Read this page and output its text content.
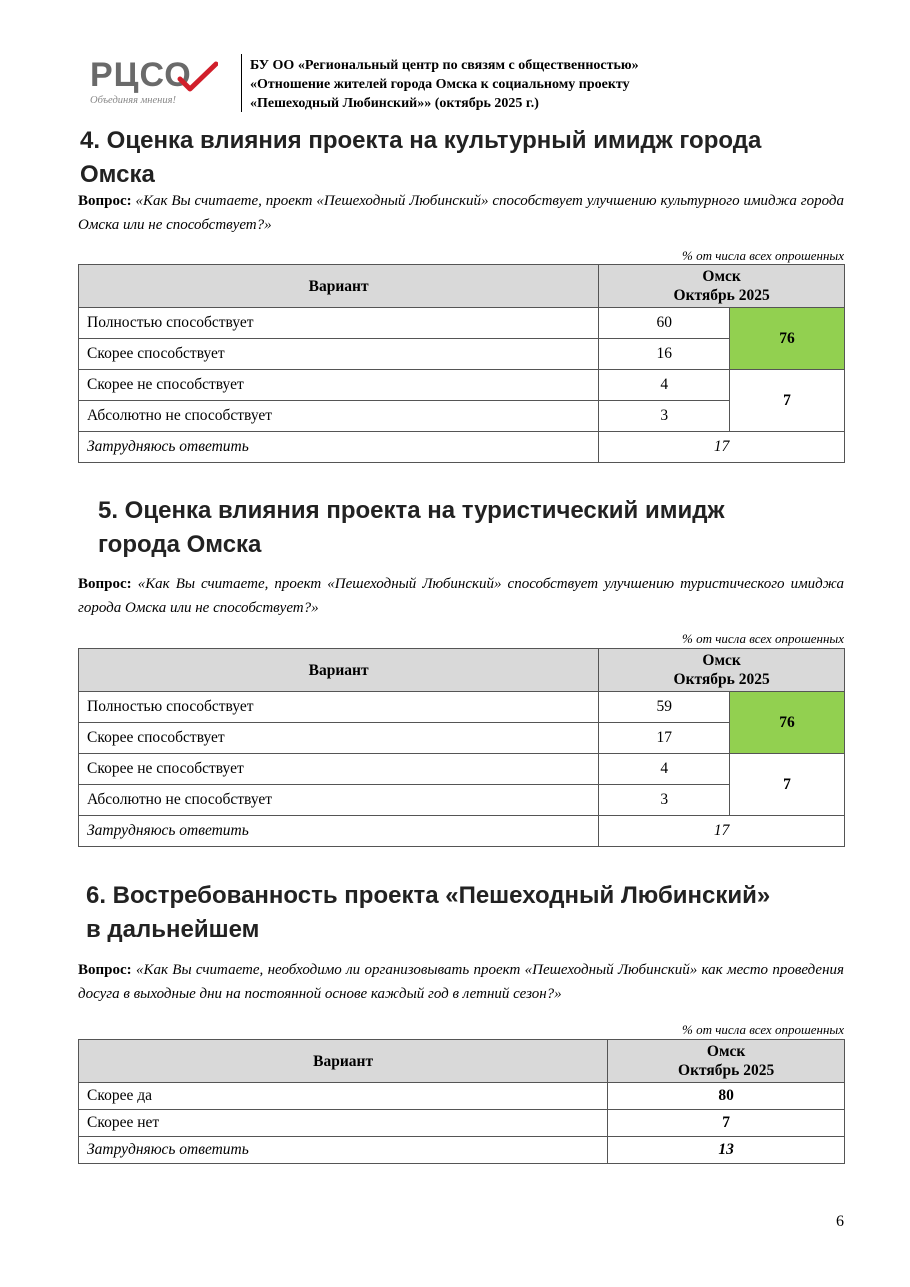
РЦСО
Объединяя мнения!
БУ ОО «Региональный центр по связям с общественностью»
«Отношение жителей города Омска к социальному проекту
«Пешеходный Любинский»» (октябрь 2025 г.)
4. Оценка влияния проекта на культурный имидж города
Омска
Вопрос: «Как Вы считаете, проект «Пешеходный Любинский» способствует улучшению культурного имиджа города Омска или не способствует?»
% от числа всех опрошенных
Вариант	Омск
Октябрь 2025	

Полностью способствует	60	76
Скорее способствует	16	
Скорее не способствует	4	7
Абсолютно не способствует	3	
Затрудняюсь ответить	17	
5. Оценка влияния проекта на туристический имидж
города Омска
Вопрос: «Как Вы считаете, проект «Пешеходный Любинский» способствует улучшению туристического имиджа города Омска или не способствует?»
% от числа всех опрошенных
Вариант	Омск
Октябрь 2025	

Полностью способствует	59	76
Скорее способствует	17	
Скорее не способствует	4	7
Абсолютно не способствует	3	
Затрудняюсь ответить	17	
6. Востребованность проекта «Пешеходный Любинский»
в дальнейшем
Вопрос: «Как Вы считаете, необходимо ли организовывать проект «Пешеходный Любинский» как место проведения досуга в выходные дни на постоянной основе каждый год в летний сезон?»
% от числа всех опрошенных
Вариант	Омск
Октябрь 2025

Скорее да	80
Скорее нет	7
Затрудняюсь ответить	13
6
